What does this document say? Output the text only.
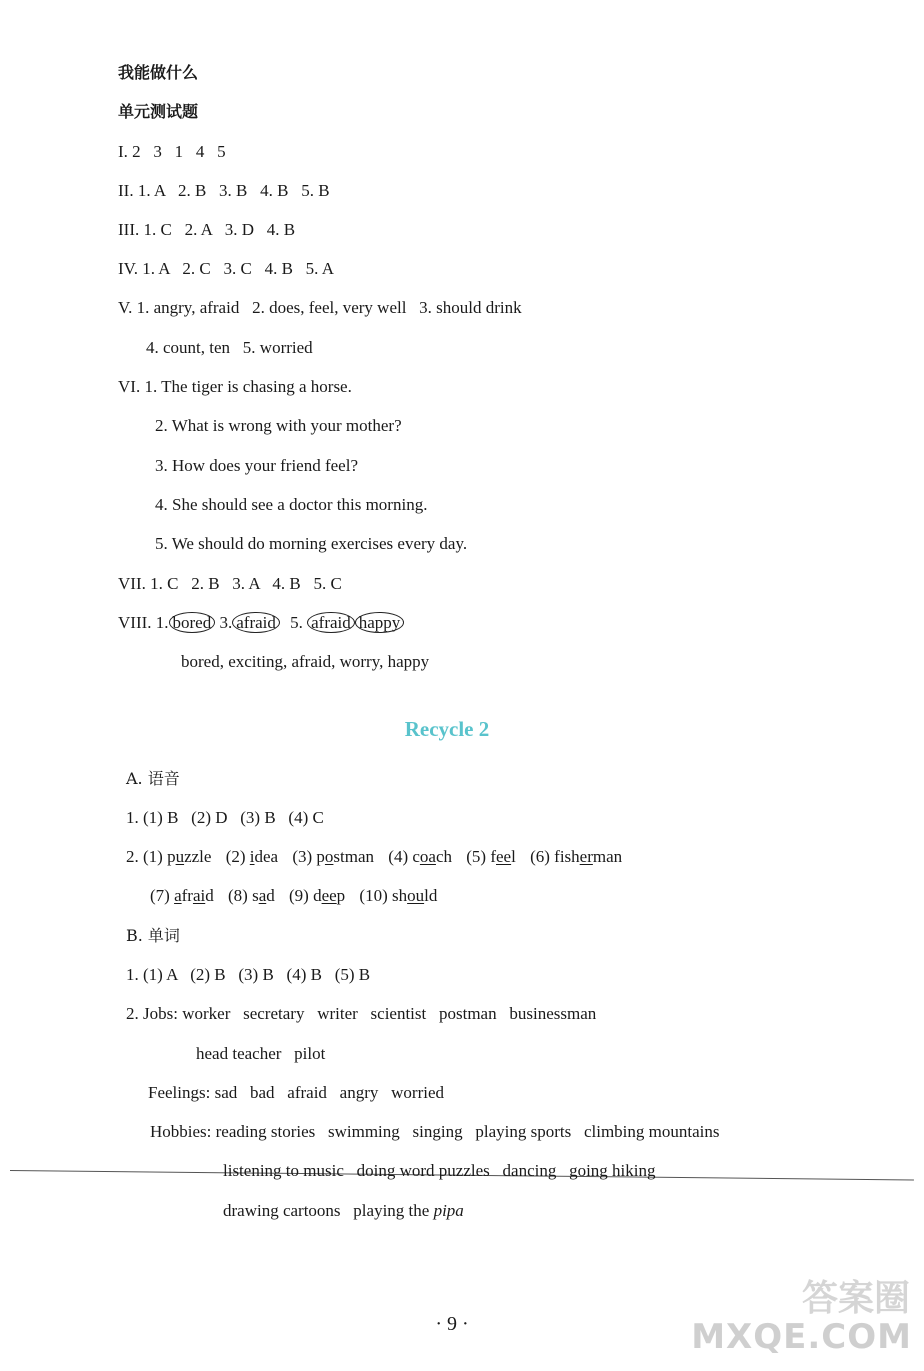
我能做什么
单元测试题
I. 2   3   1   4   5
II. 1. A   2. B   3. B   4. B   5. B
III. 1. C   2. A   3. D   4. B
IV. 1. A   2. C   3. C   4. B   5. A
V. 1. angry, afraid   2. does, feel, very well   3. should drink
4. count, ten   5. worried
VI. 1. The tiger is chasing a horse.
2. What is wrong with your mother?
3. How does your friend feel?
4. She should see a doctor this morning.
5. We should do morning exercises every day.
VII. 1. C   2. B   3. A   4. B   5. C
VIII. 1. bored 3. afraid 5. afraid happy
bored, exciting, afraid, worry, happy
Recycle 2
A. 语音
1. (1) B   (2) D   (3) B   (4) C
2. (1) puzzle (2) idea (3) postman (4) coach (5) feel (6) fisherman
(7) afraid (8) sad (9) deep (10) should
B. 单词
1. (1) A   (2) B   (3) B   (4) B   (5) B
2. Jobs: worker   secretary   writer   scientist   postman   businessman
head teacher   pilot
Feelings: sad   bad   afraid   angry   worried
Hobbies: reading stories   swimming   singing   playing sports   climbing mountains
listening to music   doing word puzzles   dancing   going hiking
drawing cartoons   playing the pipa
· 9 ·
答案圈
MXQE.COM
